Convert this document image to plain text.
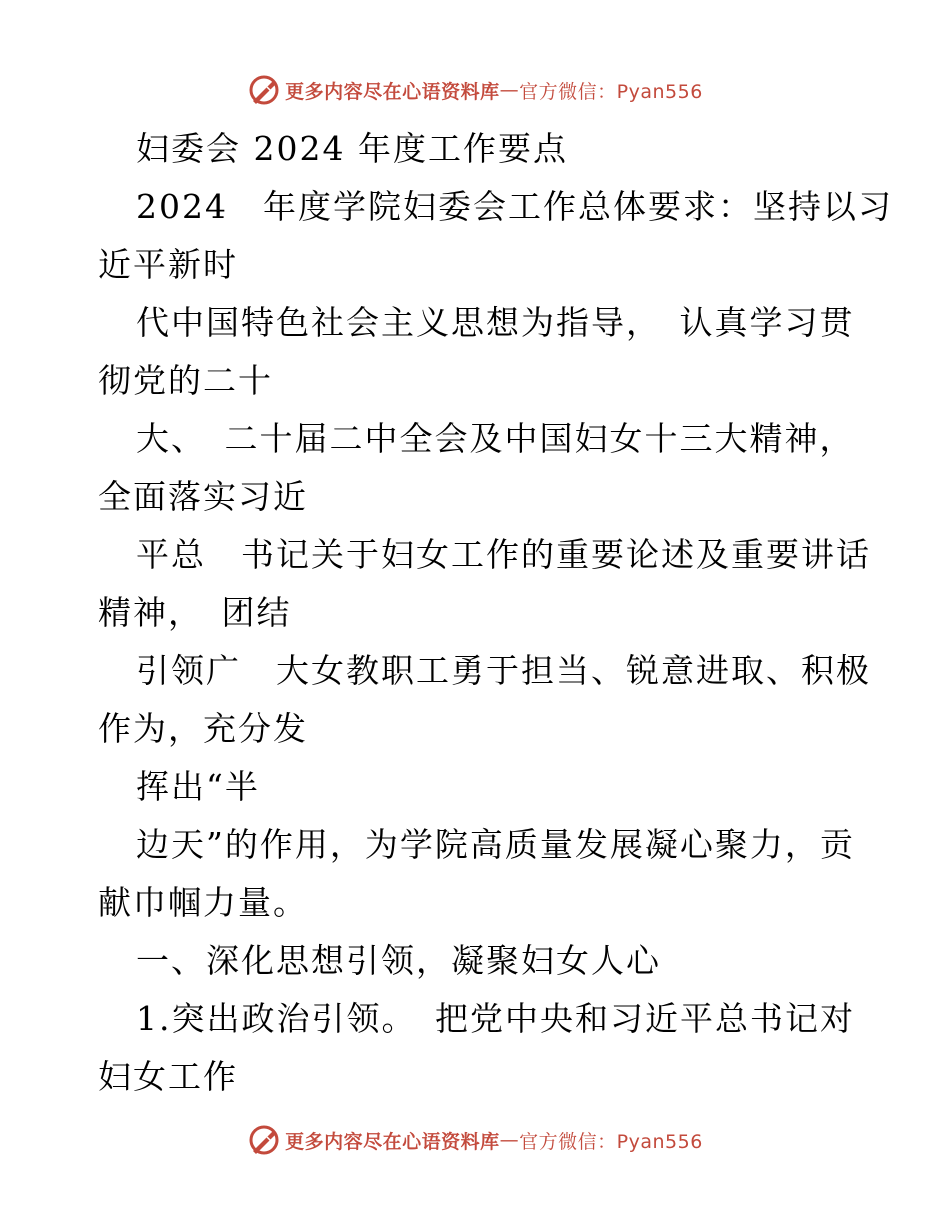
更多内容尽在心语资料库 — 官方微信：Pyan556
妇委会 2024 年度工作要点
2024　年度学院妇委会工作总体要求：坚持以习
近平新时
代中国特色社会主义思想为指导，　认真学习贯
彻党的二十
大、　二十届二中全会及中国妇女十三大精神，
全面落实习近
平总　书记关于妇女工作的重要论述及重要讲话
精神，　团结
引领广　大女教职工勇于担当、锐意进取、积极
作为，充分发
挥出“半
边天”的作用，为学院高质量发展凝心聚力，贡
献巾帼力量。
一、深化思想引领，凝聚妇女人心
1.突出政治引领。　把党中央和习近平总书记对
妇女工作
更多内容尽在心语资料库 — 官方微信：Pyan556
